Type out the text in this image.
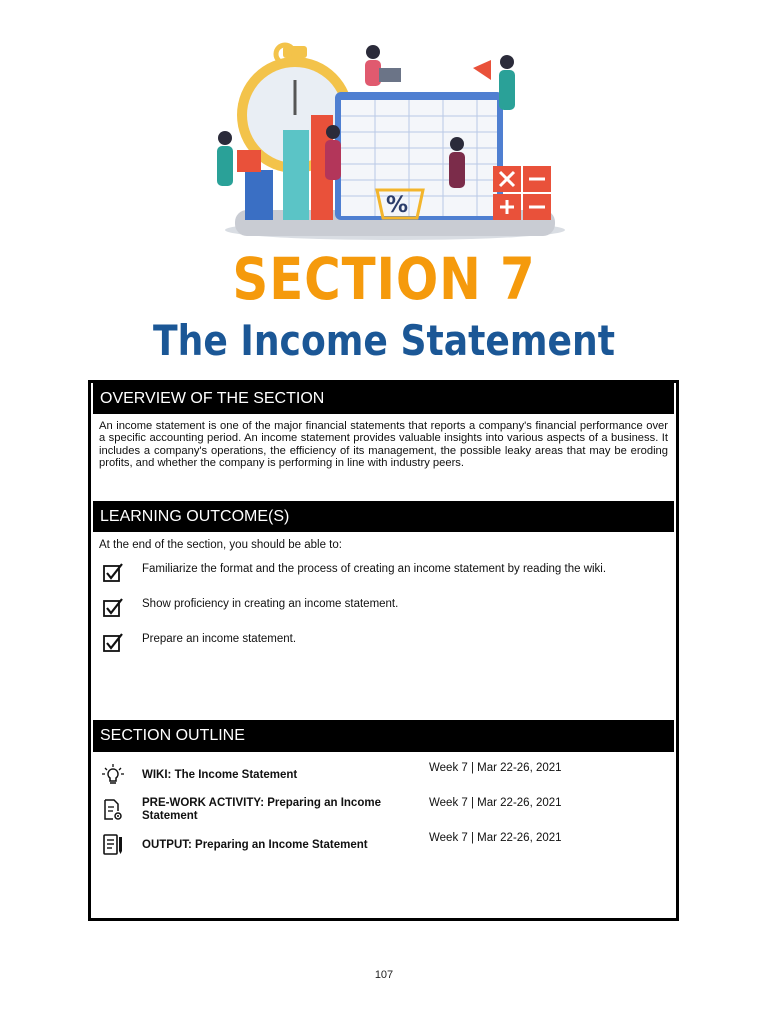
%
SECTION 7
The Income Statement
OVERVIEW OF THE SECTION
An income statement is one of the major financial statements that reports a company's financial performance over a specific accounting period. An income statement provides valuable insights into various aspects of a business. It includes a company's operations, the efficiency of its management, the possible leaky areas that may be eroding profits, and whether the company is performing in line with industry peers.
LEARNING OUTCOME(S)
At the end of the section, you should be able to:
Familiarize the format and the process of creating an income statement by reading the wiki.
Show proficiency in creating an income statement.
Prepare an income statement.
SECTION OUTLINE
WIKI: The Income Statement
Week 7 | Mar 22-26, 2021
PRE-WORK ACTIVITY: Preparing an Income Statement
Week 7 | Mar 22-26, 2021
OUTPUT: Preparing an Income Statement
Week 7 | Mar 22-26, 2021
107
